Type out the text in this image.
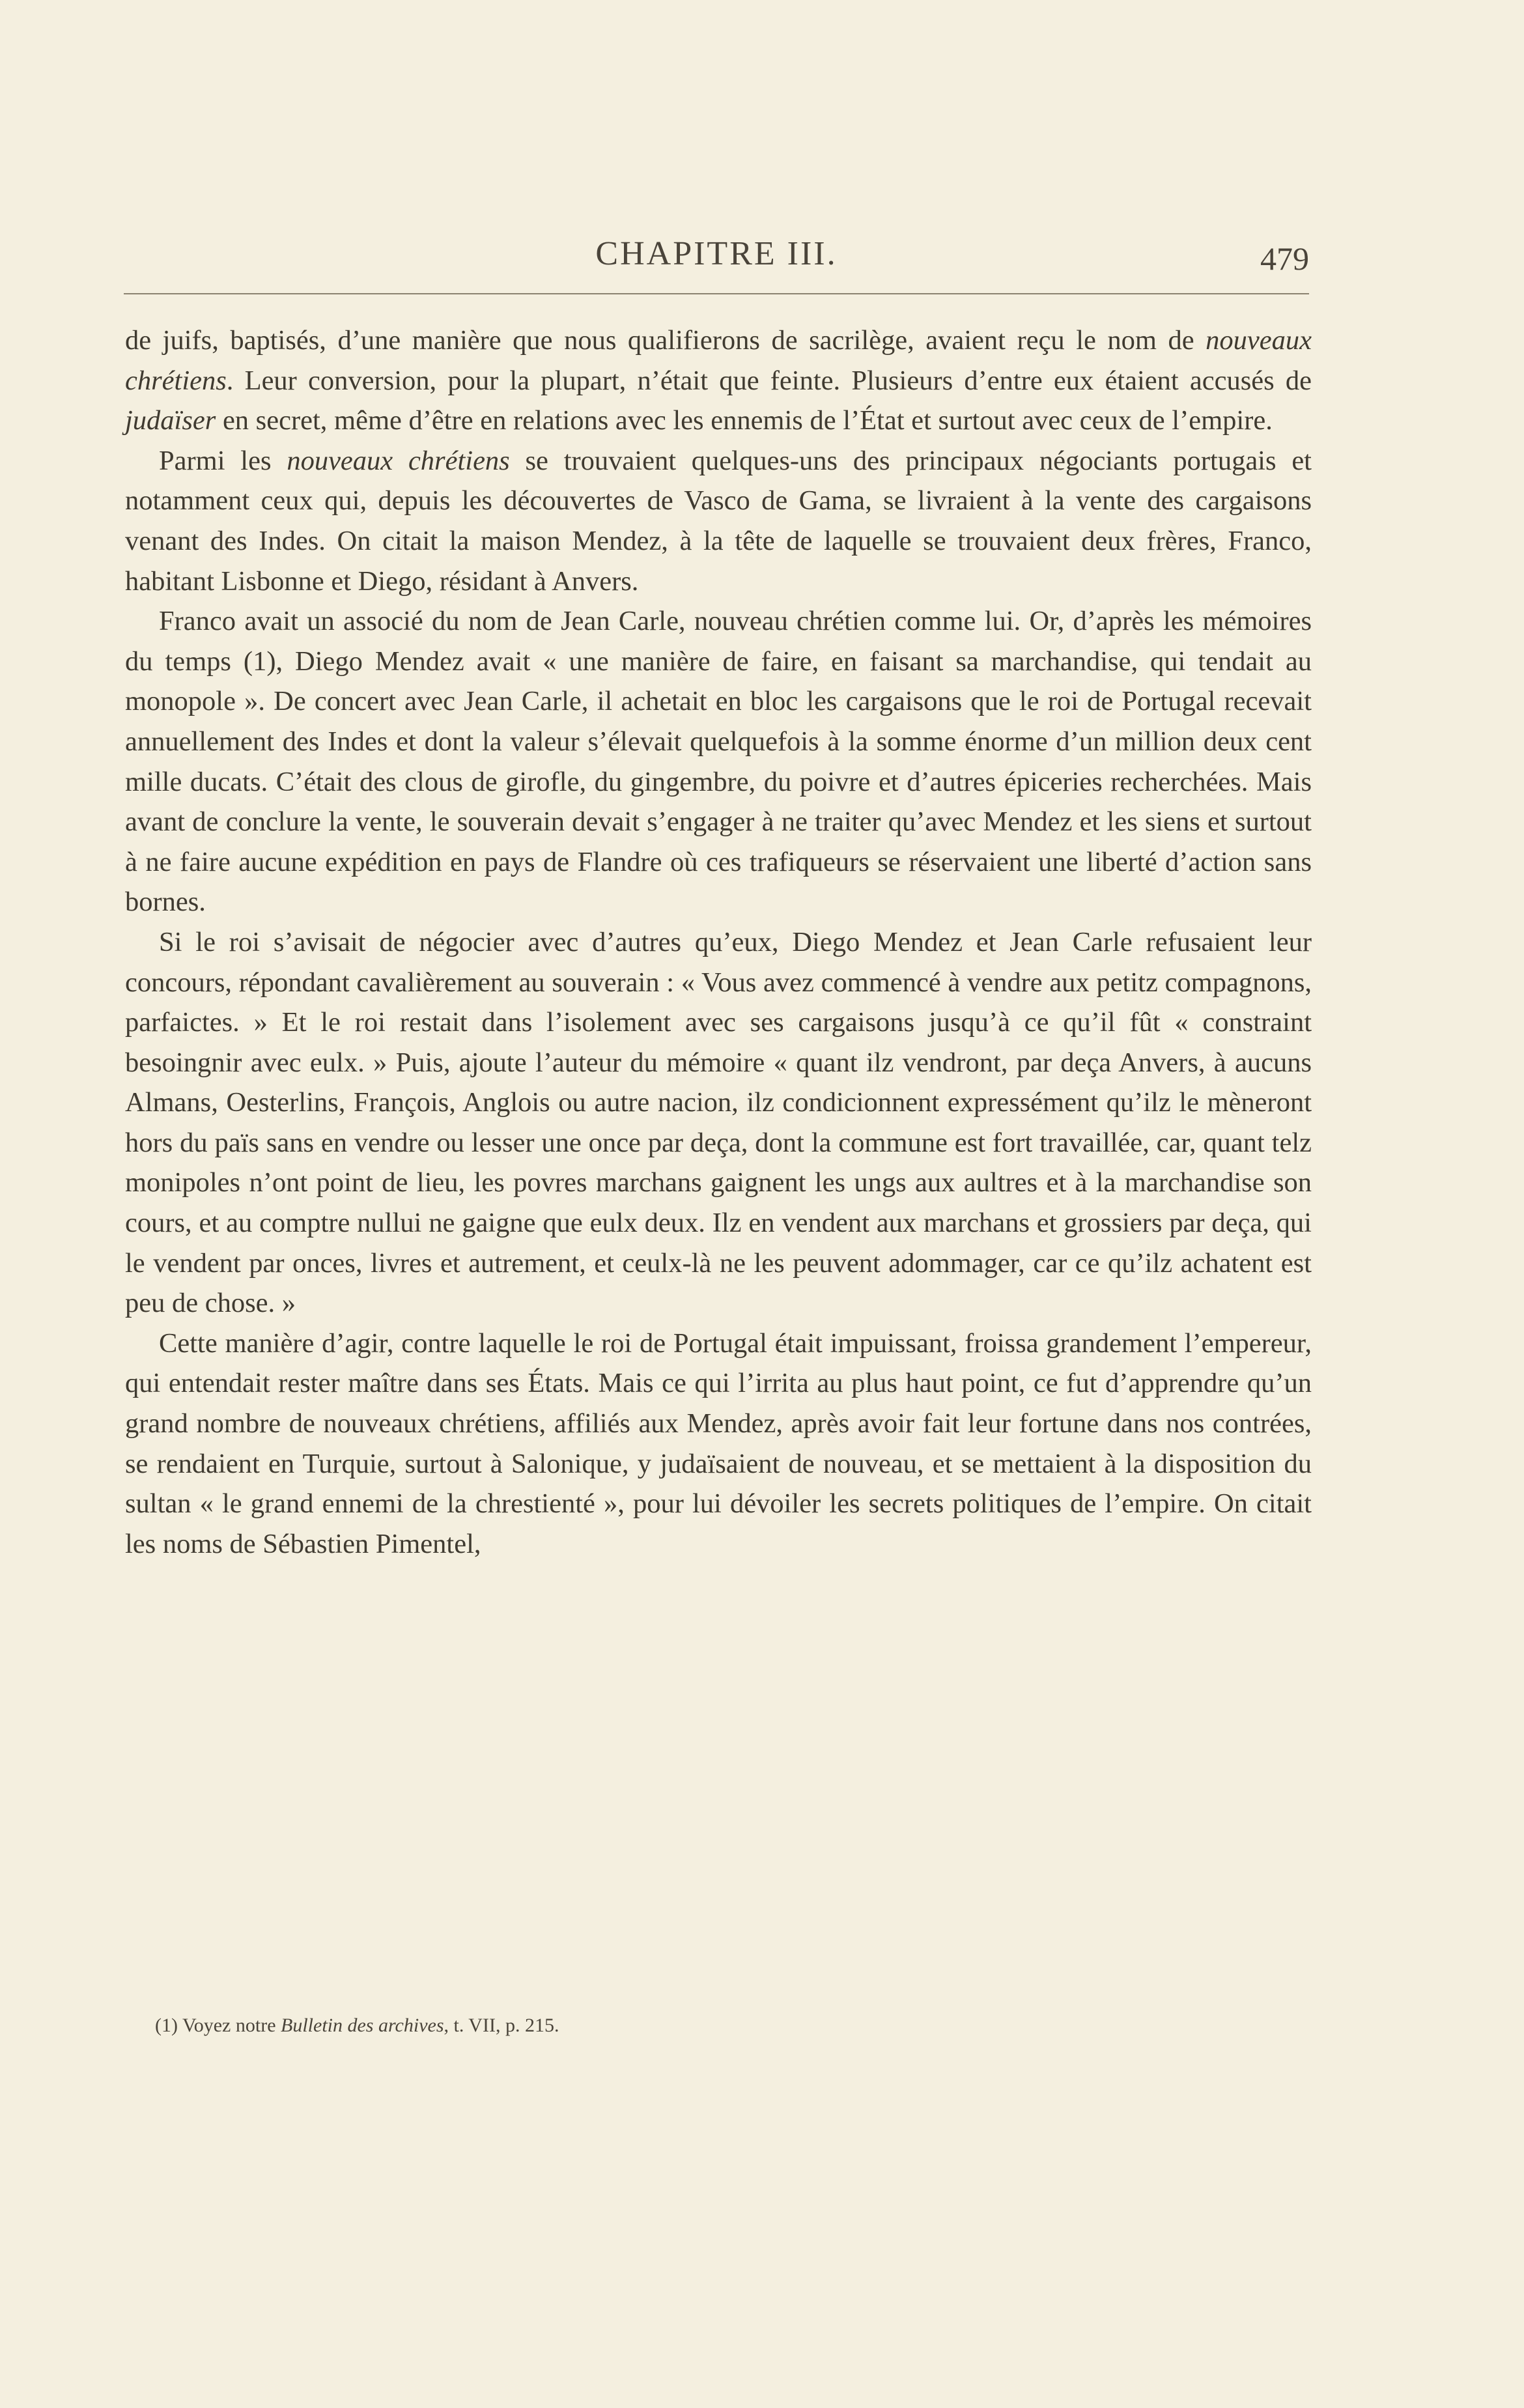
CHAPITRE III.	479

de juifs, baptisés, d’une manière que nous qualifierons de sacrilège, avaient reçu le nom de nouveaux chrétiens. Leur conversion, pour la plupart, n’était que feinte. Plusieurs d’entre eux étaient accusés de judaïser en secret, même d’être en relations avec les ennemis de l’État et surtout avec ceux de l’empire.

Parmi les nouveaux chrétiens se trouvaient quelques-uns des principaux négociants portugais et notamment ceux qui, depuis les découvertes de Vasco de Gama, se livraient à la vente des cargaisons venant des Indes. On citait la maison Mendez, à la tête de laquelle se trouvaient deux frères, Franco, habitant Lisbonne et Diego, résidant à Anvers.

Franco avait un associé du nom de Jean Carle, nouveau chrétien comme lui. Or, d’après les mémoires du temps (1), Diego Mendez avait « une manière de faire, en faisant sa marchandise, qui tendait au monopole ». De concert avec Jean Carle, il achetait en bloc les cargaisons que le roi de Portugal recevait annuellement des Indes et dont la valeur s’élevait quelquefois à la somme énorme d’un million deux cent mille ducats. C’était des clous de girofle, du gingembre, du poivre et d’autres épiceries recherchées. Mais avant de conclure la vente, le souverain devait s’engager à ne traiter qu’avec Mendez et les siens et surtout à ne faire aucune expédition en pays de Flandre où ces trafiqueurs se réservaient une liberté d’action sans bornes.

Si le roi s’avisait de négocier avec d’autres qu’eux, Diego Mendez et Jean Carle refusaient leur concours, répondant cavalièrement au souverain : « Vous avez commencé à vendre aux petitz compagnons, parfaictes. » Et le roi restait dans l’isolement avec ses cargaisons jusqu’à ce qu’il fût « constraint besoingnir avec eulx. » Puis, ajoute l’auteur du mémoire « quant ilz vendront, par deça Anvers, à aucuns Almans, Oesterlins, François, Anglois ou autre nacion, ilz condicionnent expressément qu’ilz le mèneront hors du païs sans en vendre ou lesser une once par deça, dont la commune est fort travaillée, car, quant telz monipoles n’ont point de lieu, les povres marchans gaignent les ungs aux aultres et à la marchandise son cours, et au comptre nullui ne gaigne que eulx deux. Ilz en vendent aux marchans et grossiers par deça, qui le vendent par onces, livres et autrement, et ceulx-là ne les peuvent adommager, car ce qu’ilz achatent est peu de chose. »

Cette manière d’agir, contre laquelle le roi de Portugal était impuissant, froissa grandement l’empereur, qui entendait rester maître dans ses États. Mais ce qui l’irrita au plus haut point, ce fut d’apprendre qu’un grand nombre de nouveaux chrétiens, affiliés aux Mendez, après avoir fait leur fortune dans nos contrées, se rendaient en Turquie, surtout à Salonique, y judaïsaient de nouveau, et se mettaient à la disposition du sultan « le grand ennemi de la chrestienté », pour lui dévoiler les secrets politiques de l’empire. On citait les noms de Sébastien Pimentel,

(1) Voyez notre Bulletin des archives, t. VII, p. 215.
